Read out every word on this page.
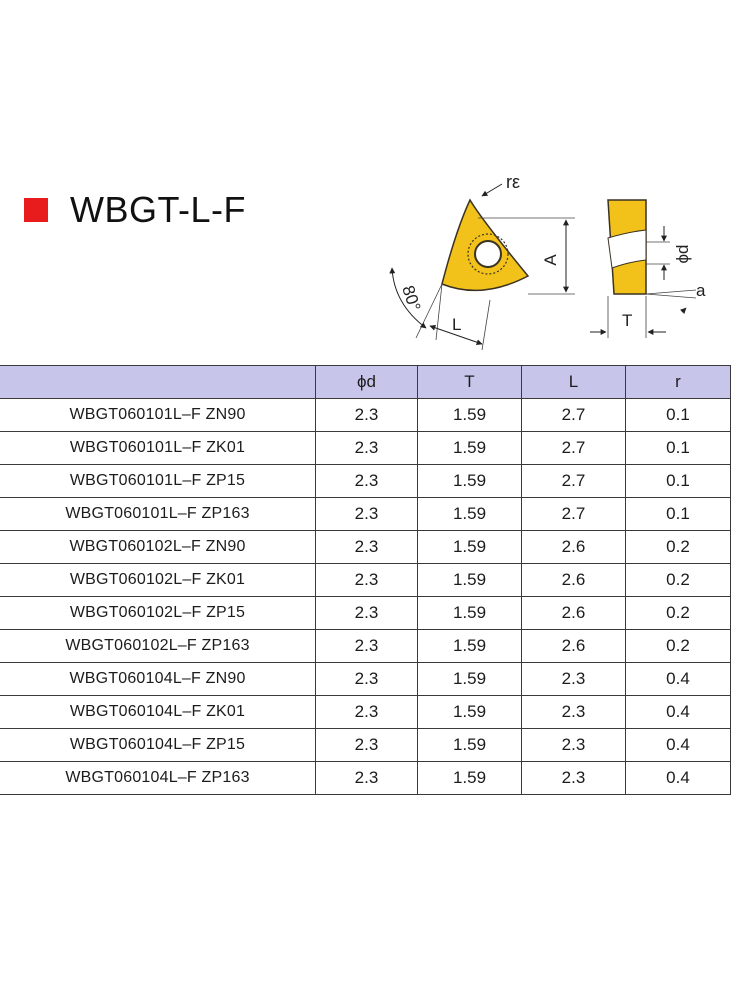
WBGT-L-F
rε
A
80°
L
ϕd
a
T
	ϕd	T	L	r
WBGT060101L–F ZN90	2.3	1.59	2.7	0.1
WBGT060101L–F ZK01	2.3	1.59	2.7	0.1
WBGT060101L–F ZP15	2.3	1.59	2.7	0.1
WBGT060101L–F ZP163	2.3	1.59	2.7	0.1
WBGT060102L–F ZN90	2.3	1.59	2.6	0.2
WBGT060102L–F ZK01	2.3	1.59	2.6	0.2
WBGT060102L–F ZP15	2.3	1.59	2.6	0.2
WBGT060102L–F ZP163	2.3	1.59	2.6	0.2
WBGT060104L–F ZN90	2.3	1.59	2.3	0.4
WBGT060104L–F ZK01	2.3	1.59	2.3	0.4
WBGT060104L–F ZP15	2.3	1.59	2.3	0.4
WBGT060104L–F ZP163	2.3	1.59	2.3	0.4
